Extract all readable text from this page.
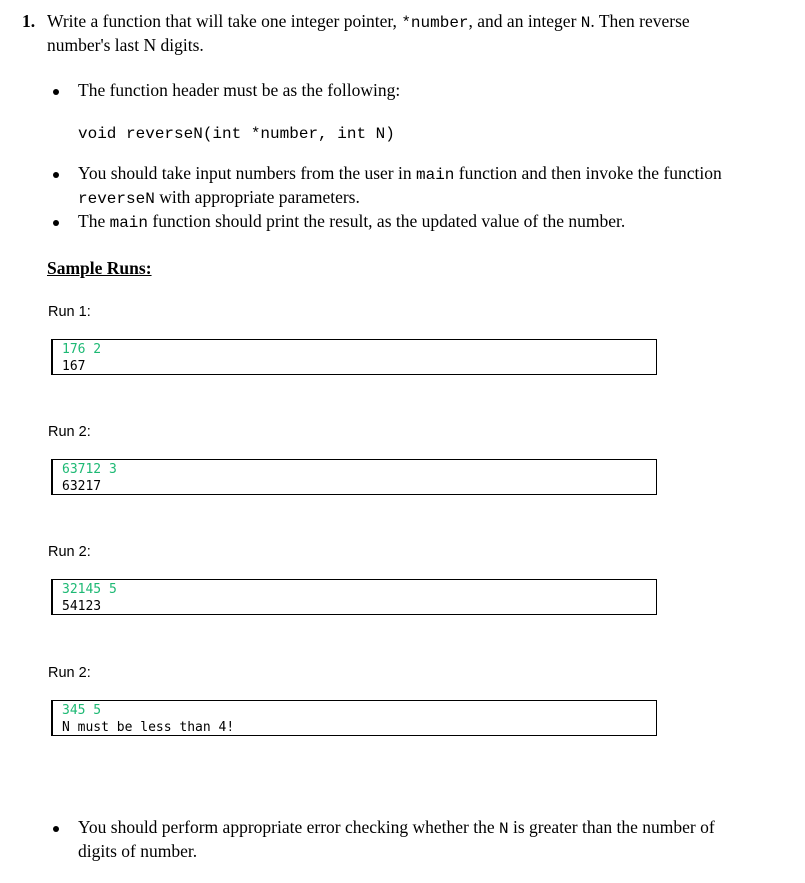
1. Write a function that will take one integer pointer, *number, and an integer N. Then reverse
number's last N digits.
The function header must be as the following:
void reverseN(int *number, int N)
You should take input numbers from the user in main function and then invoke the function
reverseN with appropriate parameters.
The main function should print the result, as the updated value of the number.
Sample Runs:
Run 1:
176 2
167
Run 2:
63712 3
63217
Run 2:
32145 5
54123
Run 2:
345 5
N must be less than 4!
You should perform appropriate error checking whether the N is greater than the number of
digits of number.
